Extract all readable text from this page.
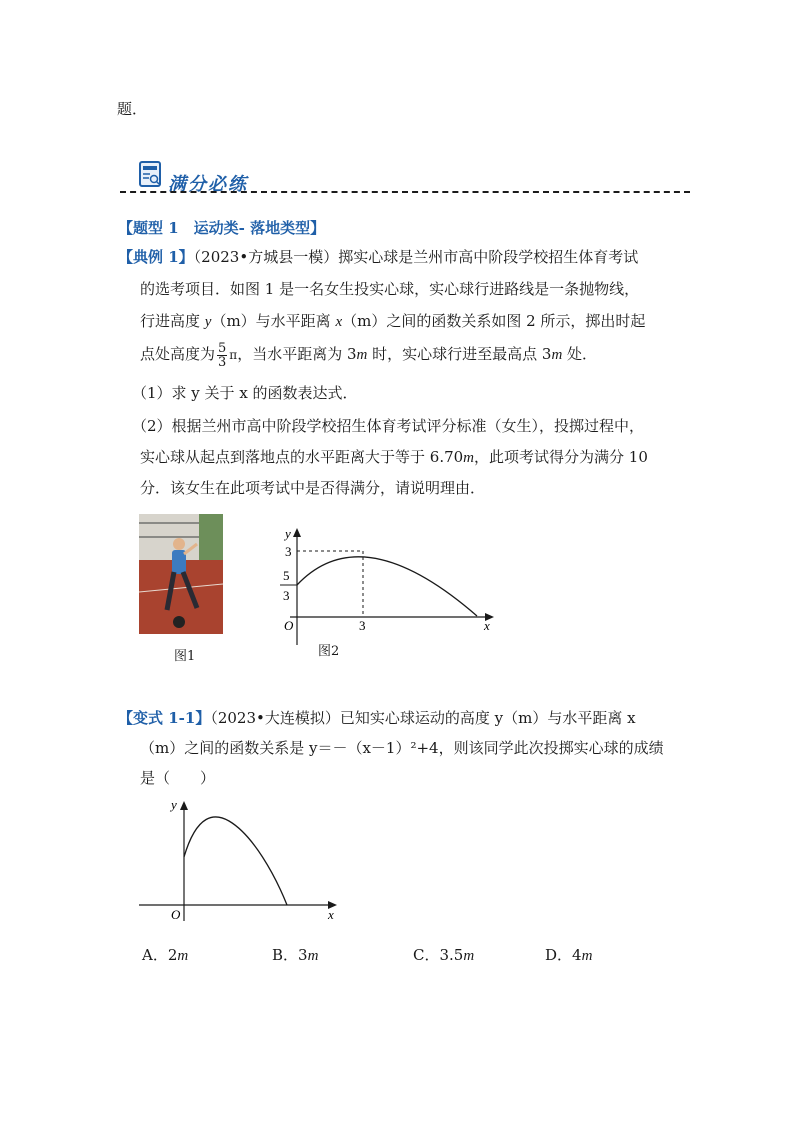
题．
满分必练
【题型 1　运动类- 落地类型】
【典例 1】（2023•方城县一模）掷实心球是兰州市高中阶段学校招生体育考试
的选考项目．如图 1 是一名女生投实心球，实心球行进路线是一条抛物线，
行进高度 y（m）与水平距离 x（m）之间的函数关系如图 2 所示，掷出时起
点处高度为 $\frac{5}{3}$ π，当水平距离为 3m 时，实心球行进至最高点 3m 处．
（1）求 y 关于 x 的函数表达式．
（2）根据兰州市高中阶段学校招生体育考试评分标准（女生），投掷过程中，
实心球从起点到落地点的水平距离大于等于 6.70m，此项考试得分为满分 10
分．该女生在此项考试中是否得满分，请说明理由．
图1
y
x
O
3
5
3
3
图2
【变式 1-1】（2023•大连模拟）已知实心球运动的高度 y（m）与水平距离 x
（m）之间的函数关系是 y＝－（x－1）²+4，则该同学此次投掷实心球的成绩
是（　　）
y
x
O
A．2m	B．3m	C．3.5m	D．4m
